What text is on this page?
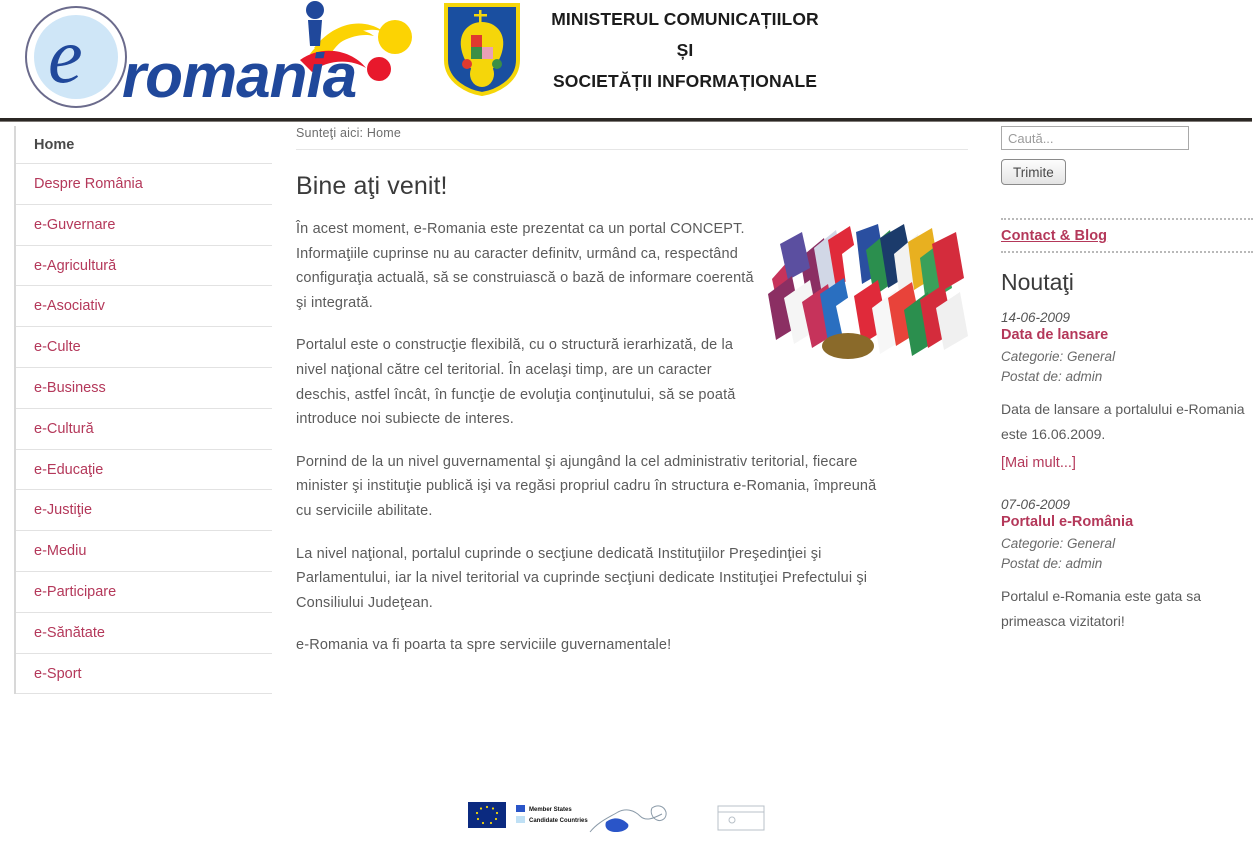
e romania
MINISTERUL COMUNICAȚIILOR
ȘI
SOCIETĂȚII INFORMAȚIONALE
Home
Despre România
e-Guvernare
e-Agricultură
e-Asociativ
e-Culte
e-Business
e-Cultură
e-Educaţie
e-Justiţie
e-Mediu
e-Participare
e-Sănătate
e-Sport
Sunteţi aici: Home
Bine aţi venit!

În acest moment, e-Romania este prezentat ca un portal CONCEPT. Informaţiile cuprinse nu au caracter definitv, urmând ca, respectând configuraţia actuală, să se construiască o bază de informare coerentă şi integrată.

Portalul este o construcţie flexibilă, cu o structură ierarhizată, de la nivel naţional către cel teritorial. În acelaşi timp, are un caracter deschis, astfel încât, în funcţie de evoluţia conţinutului, să se poată introduce noi subiecte de interes.

Pornind de la un nivel guvernamental şi ajungând la cel administrativ teritorial, fiecare minister şi instituţie publică işi va regăsi propriul cadru în structura e-Romania, împreună cu serviciile abilitate.

La nivel naţional, portalul cuprinde o secţiune dedicată Instituţiilor Preşedinţiei şi Parlamentului, iar la nivel teritorial va cuprinde secţiuni dedicate Instituţiei Prefectului şi Consiliului Judeţean.

e-Romania va fi poarta ta spre serviciile guvernamentale!

Member States
Candidate Countries
Caută...
Trimite
Contact & Blog
Noutaţi
14-06-2009
Data de lansare
Categorie: General
Postat de: admin
Data de lansare a portalului e-Romania este 16.06.2009.
[Mai mult...]
07-06-2009
Portalul e-România
Categorie: General
Postat de: admin
Portalul e-Romania este gata sa primeasca vizitatori!
